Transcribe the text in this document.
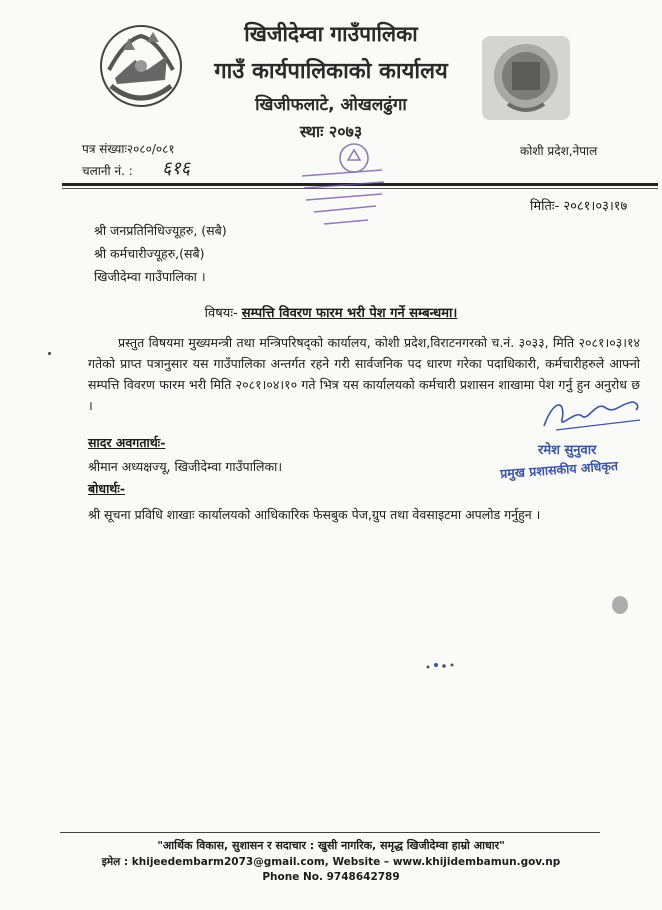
खिजीदेम्वा गाउँपालिका
गाउँ कार्यपालिकाको कार्यालय
खिजीफलाटे, ओखलढुंगा
स्थाः २०७३
पत्र संख्याः२०८०/०८१
चलानी नं. : ६१६
कोशी प्रदेश,नेपाल
मितिः- २०८१।०३।१७
श्री जनप्रतिनिधिज्यूहरु, (सबै)
श्री कर्मचारीज्यूहरु,(सबै)
खिजीदेम्वा गाउँपालिका ।
विषयः- सम्पत्ति विवरण फारम भरी पेश गर्ने सम्बन्धमा।
प्रस्तुत विषयमा मुख्यमन्त्री तथा मन्त्रिपरिषद्को कार्यालय, कोशी प्रदेश,विराटनगरको च.नं. ३०३३, मिति २०८१।०३।१४ गतेको प्राप्त पत्रानुसार यस गाउँपालिका अन्तर्गत रहने गरी सार्वजनिक पद धारण गरेका पदाधिकारी, कर्मचारीहरुले आफ्नो सम्पत्ति विवरण फारम भरी मिति २०८१।०४।१० गते भित्र यस कार्यालयको कर्मचारी प्रशासन शाखामा पेश गर्नु हुन अनुरोध छ ।
रमेश सुनुवार
प्रमुख प्रशासकीय अधिकृत
सादर अवगतार्थः-
श्रीमान अध्यक्षज्यू, खिजीदेम्वा गाउँपालिका।
बोधार्थः-
श्री सूचना प्रविधि शाखाः कार्यालयको आधिकारिक फेसबुक पेज,ग्रुप तथा वेवसाइटमा अपलोड गर्नुहुन ।
"आर्थिक विकास, सुशासन र सदाचार : खुसी नागरिक, समृद्ध खिजीदेम्वा हाम्रो आधार"
इमेल : khijeedembarm2073@gmail.com, Website – www.khijidembamun.gov.np
Phone No. 9748642789
